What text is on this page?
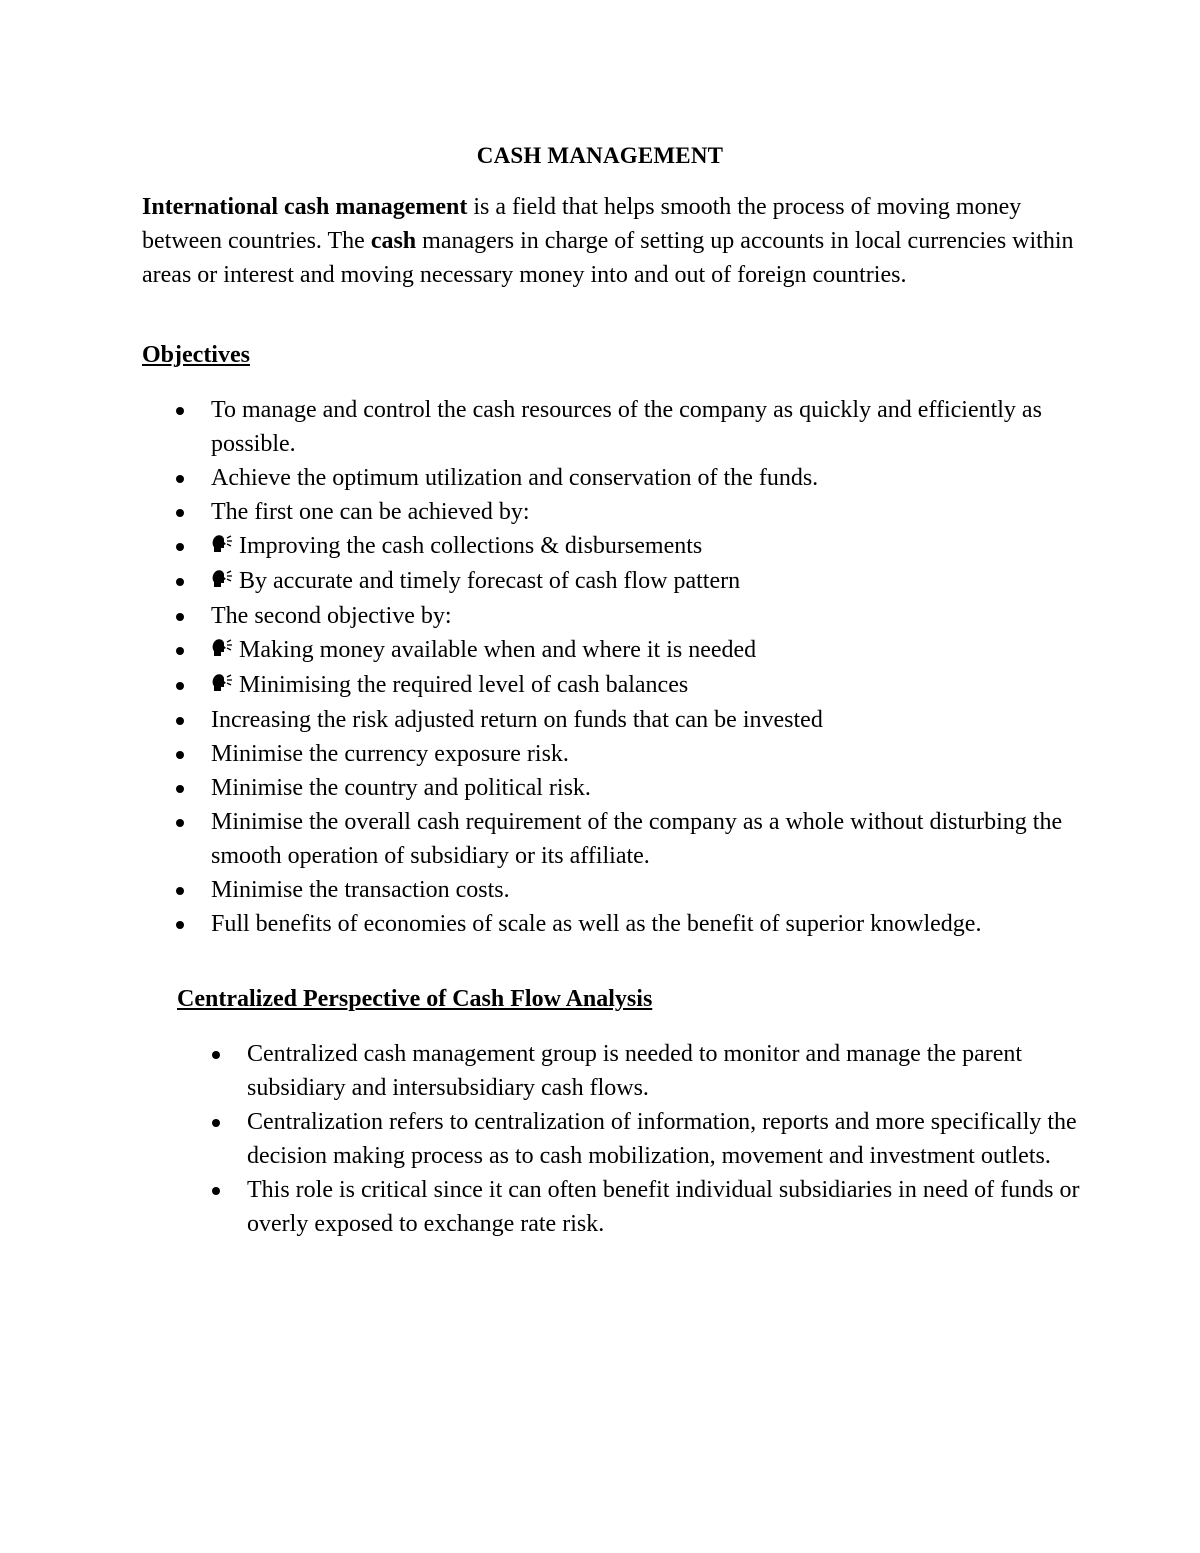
CASH MANAGEMENT

International cash management is a field that helps smooth the process of moving money between countries. The cash managers in charge of setting up accounts in local currencies within areas or interest and moving necessary money into and out of foreign countries.

Objectives
To manage and control the cash resources of the company as quickly and efficiently as possible.
Achieve the optimum utilization and conservation of the funds.
The first one can be achieved by:
Improving the cash collections & disbursements
By accurate and timely forecast of cash flow pattern
The second objective by:
Making money available when and where it is needed
Minimising the required level of cash balances
Increasing the risk adjusted return on funds that can be invested
Minimise the currency exposure risk.
Minimise the country and political risk.
Minimise the overall cash requirement of the company as a whole without disturbing the smooth operation of subsidiary or its affiliate.
Minimise the transaction costs.
Full benefits of economies of scale as well as the benefit of superior knowledge.
Centralized Perspective of Cash Flow Analysis
Centralized cash management group is needed to monitor and manage the parent subsidiary and intersubsidiary cash flows.
Centralization refers to centralization of information, reports and more specifically the decision making process as to cash mobilization, movement and investment outlets.
This role is critical since it can often benefit individual subsidiaries in need of funds or overly exposed to exchange rate risk.
